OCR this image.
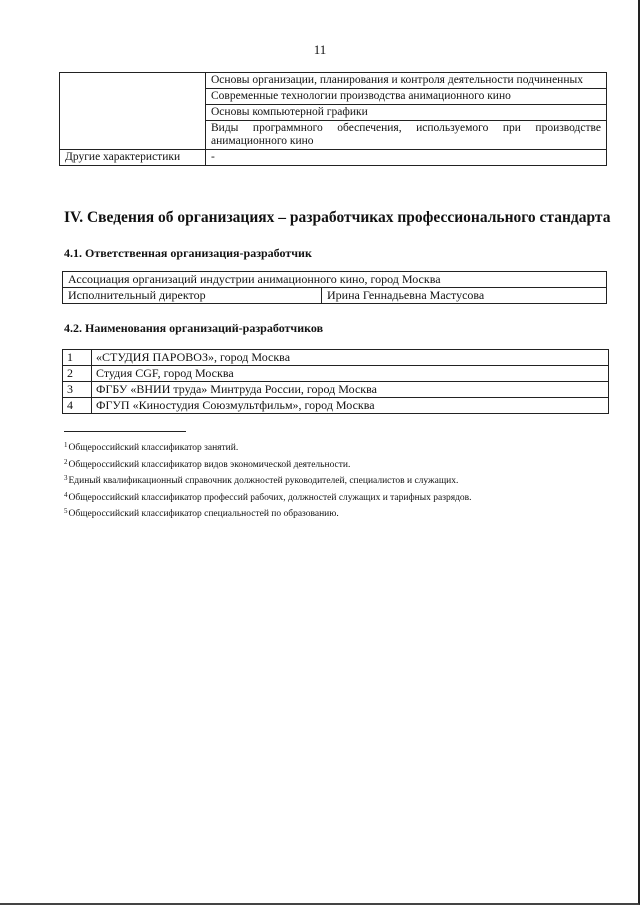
11
	Основы организации, планирования и контроля деятельности подчиненных
	Современные технологии производства анимационного кино
	Основы компьютерной графики
	Виды программного обеспечения, используемого при производстве анимационного кино
Другие характеристики	-
IV. Сведения об организациях – разработчиках профессионального стандарта
4.1. Ответственная организация-разработчик
Ассоциация организаций индустрии анимационного кино, город Москва
Исполнительный директор	Ирина Геннадьевна Мастусова
4.2. Наименования организаций-разработчиков
1	«СТУДИЯ ПАРОВОЗ», город Москва
2	Студия CGF, город Москва
3	ФГБУ «ВНИИ труда» Минтруда России, город Москва
4	ФГУП «Киностудия Союзмультфильм», город Москва
$^1$Общероссийский классификатор занятий.
$^2$Общероссийский классификатор видов экономической деятельности.
$^3$Единый квалификационный справочник должностей руководителей, специалистов и служащих.
$^4$Общероссийский классификатор профессий рабочих, должностей служащих и тарифных разрядов.
$^5$Общероссийский классификатор специальностей по образованию.
